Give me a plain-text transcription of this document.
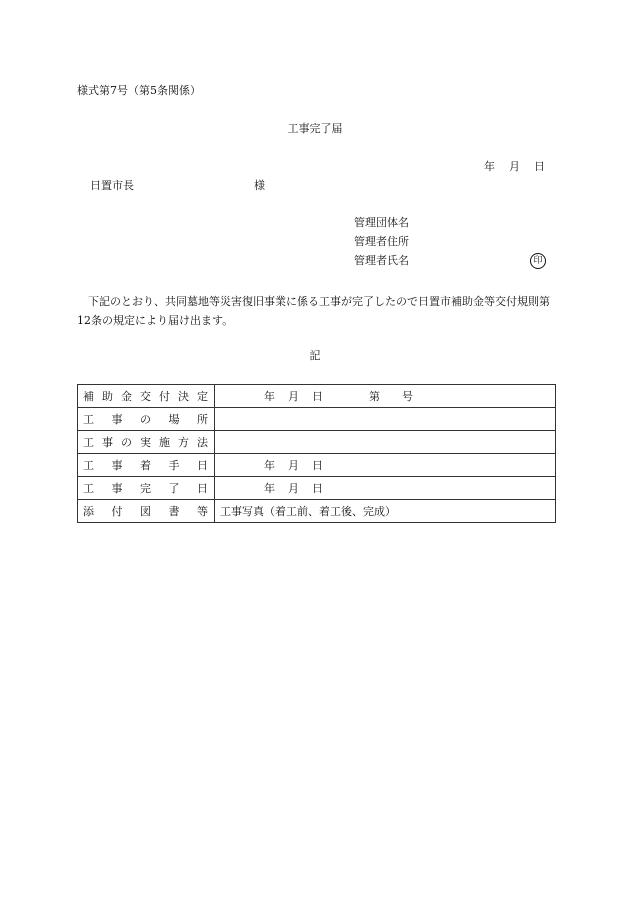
様式第7号（第5条関係）
工事完了届
年 月 日
日置市長	様
管理団体名
管理者住所
管理者氏名	印
下記のとおり、共同墓地等災害復旧事業に係る工事が完了したので日置市補助金等交付規則第12条の規定により届け出ます。
記
補助金交付決定	年 月 日 第 号
工事の場所	
工事の実施方法	
工事着手日	年 月 日
工事完了日	年 月 日
添付図書等	工事写真（着工前、着工後、完成）
